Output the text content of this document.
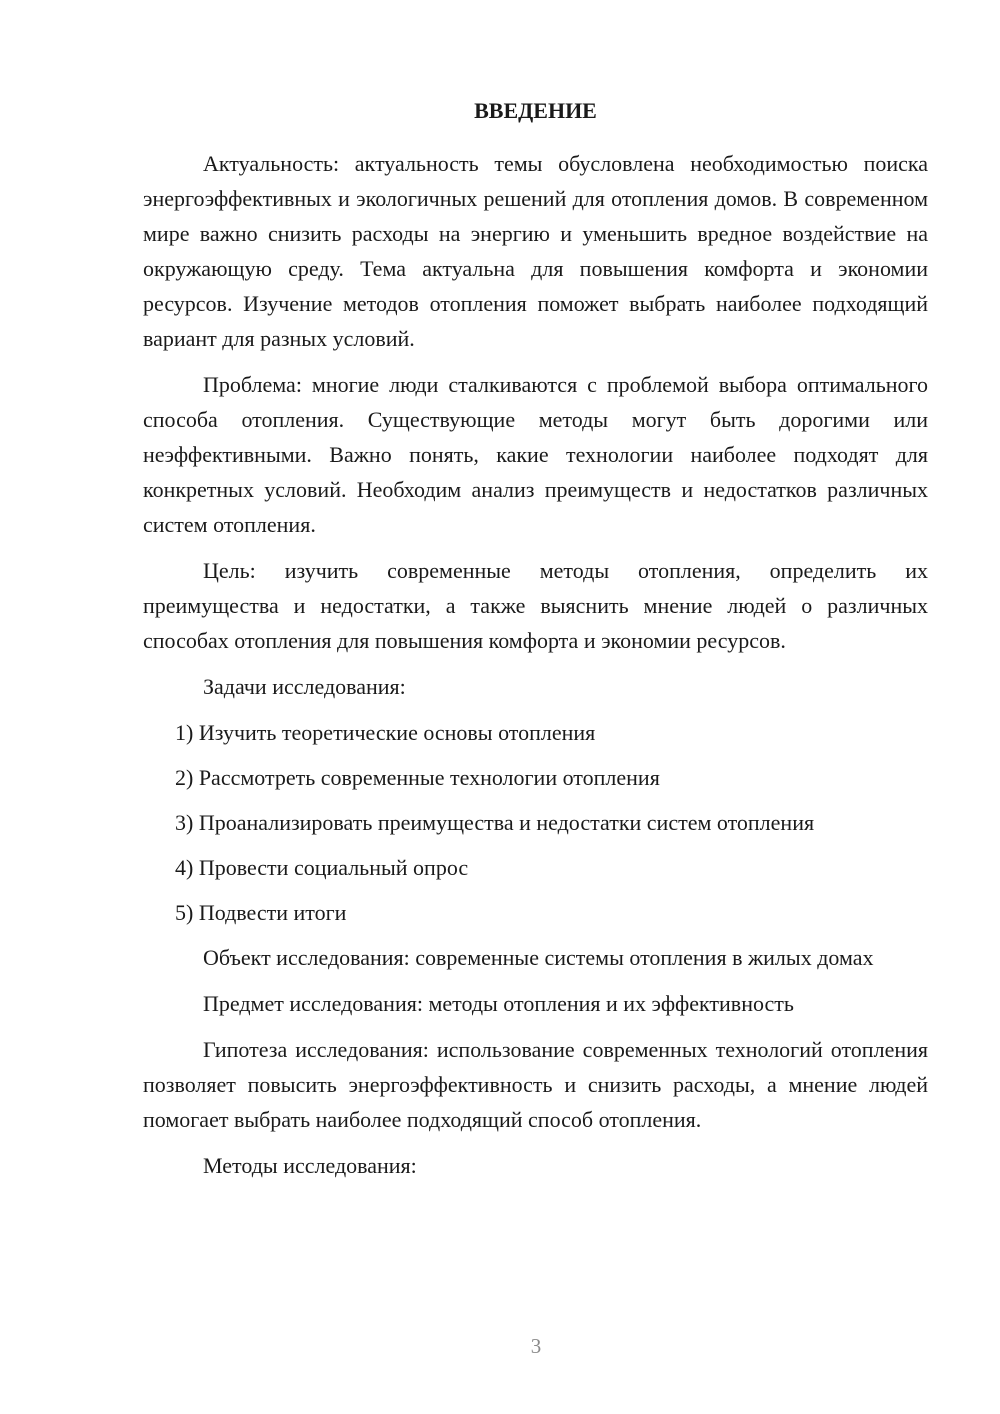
ВВЕДЕНИЕ

Актуальность: актуальность темы обусловлена необходимостью поиска энергоэффективных и экологичных решений для отопления домов. В современном мире важно снизить расходы на энергию и уменьшить вредное воздействие на окружающую среду. Тема актуальна для повышения комфорта и экономии ресурсов. Изучение методов отопления поможет выбрать наиболее подходящий вариант для разных условий.

Проблема: многие люди сталкиваются с проблемой выбора оптимального способа отопления. Существующие методы могут быть дорогими или неэффективными. Важно понять, какие технологии наиболее подходят для конкретных условий. Необходим анализ преимуществ и недостатков различных систем отопления.

Цель: изучить современные методы отопления, определить их преимущества и недостатки, а также выяснить мнение людей о различных способах отопления для повышения комфорта и экономии ресурсов.

Задачи исследования:

1) Изучить теоретические основы отопления
2) Рассмотреть современные технологии отопления
3) Проанализировать преимущества и недостатки систем отопления
4) Провести социальный опрос
5) Подвести итоги

Объект исследования: современные системы отопления в жилых домах

Предмет исследования: методы отопления и их эффективность

Гипотеза исследования: использование современных технологий отопления позволяет повысить энергоэффективность и снизить расходы, а мнение людей помогает выбрать наиболее подходящий способ отопления.

Методы исследования:

3
